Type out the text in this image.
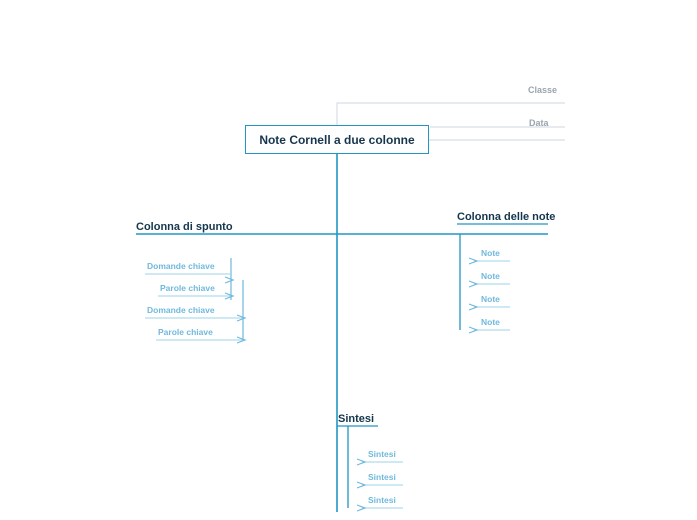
Note Cornell a due colonne
Classe
Data
Colonna di spunto
Colonna delle note
Sintesi
Domande chiave
Parole chiave
Domande chiave
Parole chiave
Note
Note
Note
Note
Sintesi
Sintesi
Sintesi
